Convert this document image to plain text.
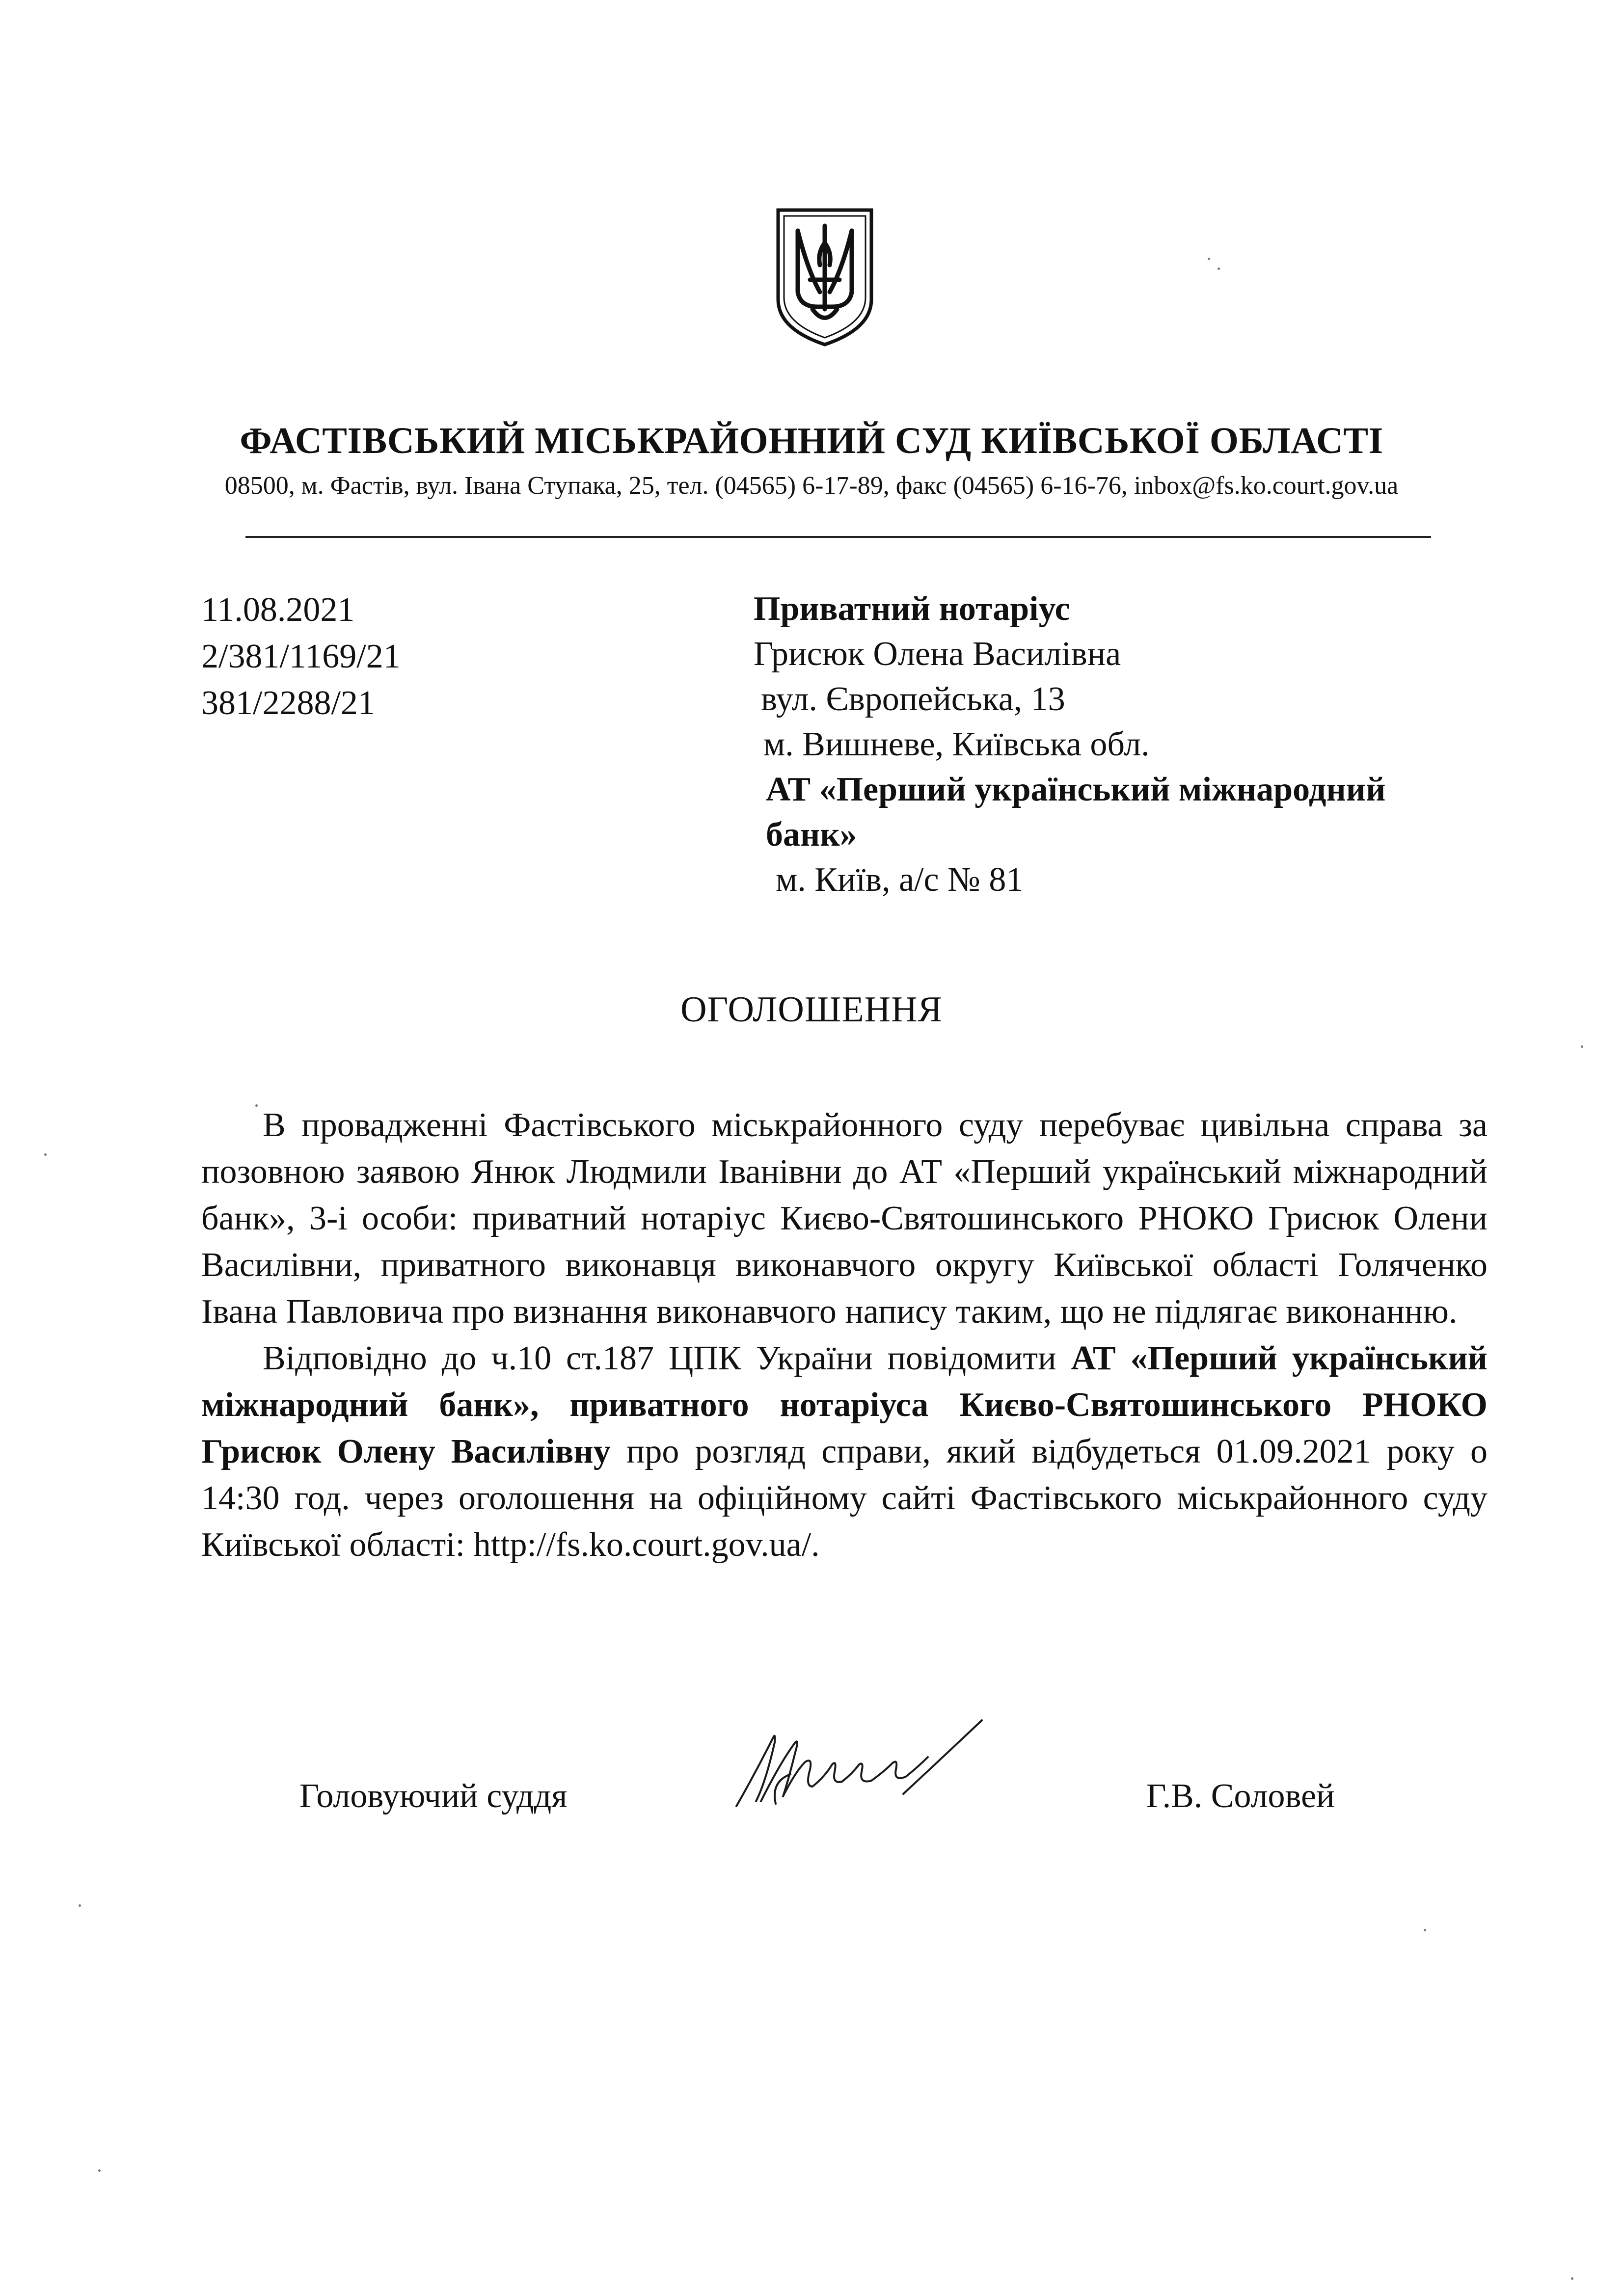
ФАСТІВСЬКИЙ МІСЬКРАЙОННИЙ СУД КИЇВСЬКОЇ ОБЛАСТІ
08500, м. Фастів, вул. Івана Ступака, 25, тел. (04565) 6-17-89, факс (04565) 6-16-76, inbox@fs.ko.court.gov.ua
11.08.2021
2/381/1169/21
381/2288/21
Приватний нотаріус
Грисюк Олена Василівна
вул. Європейська, 13
м. Вишневе, Київська обл.
АТ «Перший український міжнародний
банк»
м. Київ, а/с № 81
ОГОЛОШЕННЯ

В провадженні Фастівського міськрайонного суду перебуває цивільна справа за позовною заявою Янюк Людмили Іванівни до АТ «Перший український міжнародний банк», 3-і особи: приватний нотаріус Києво-Святошинського РНОКО Грисюк Олени Василівни, приватного виконавця виконавчого округу Київської області Голяченко Івана Павловича про визнання виконавчого напису таким, що не підлягає виконанню.

Відповідно до ч.10 ст.187 ЦПК України повідомити АТ «Перший український міжнародний банк», приватного нотаріуса Києво-Святошинського РНОКО Грисюк Олену Василівну про розгляд справи, який відбудеться 01.09.2021 року о 14:30 год. через оголошення на офіційному сайті Фастівського міськрайонного суду Київської області: http://fs.ko.court.gov.ua/.

Головуючий суддя	Г.В. Соловей
